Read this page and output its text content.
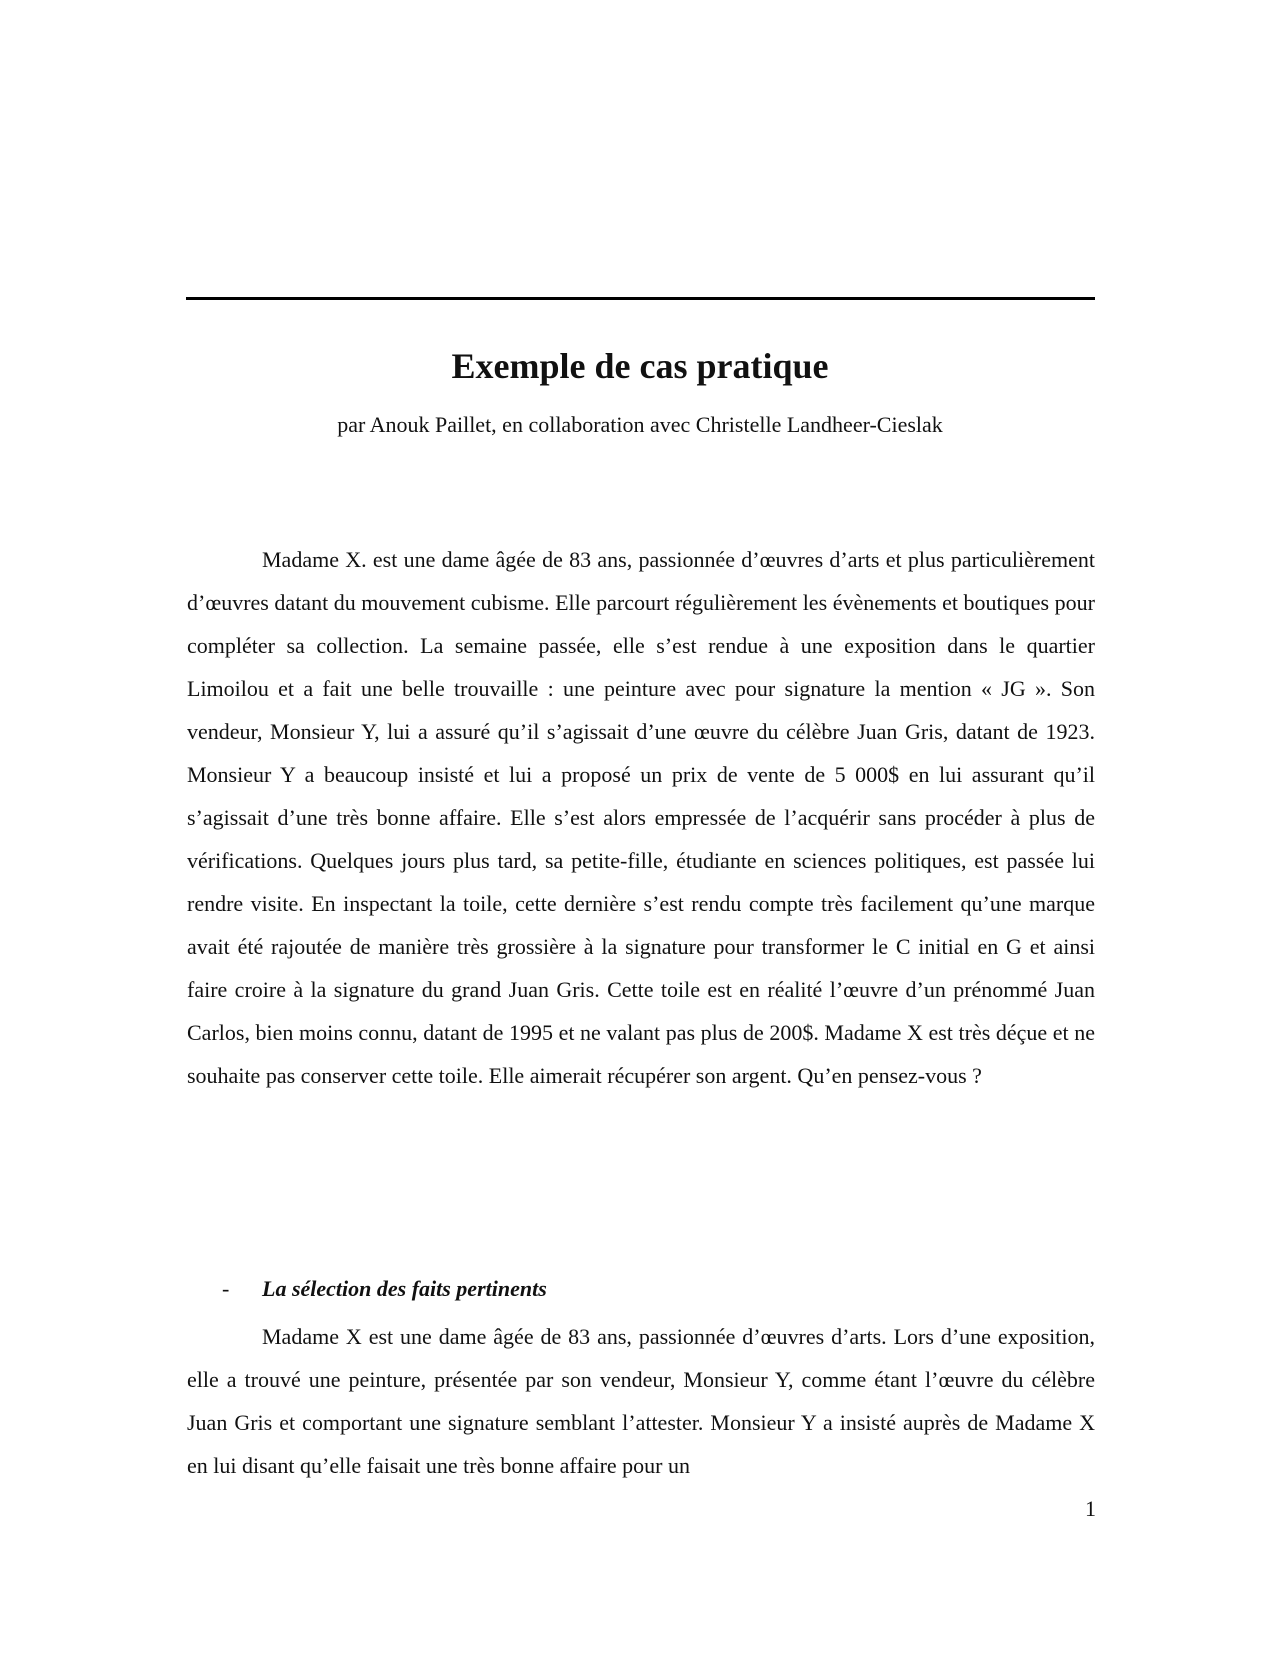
Exemple de cas pratique
par Anouk Paillet, en collaboration avec Christelle Landheer-Cieslak

Madame X. est une dame âgée de 83 ans, passionnée d’œuvres d’arts et plus particulièrement d’œuvres datant du mouvement cubisme. Elle parcourt régulièrement les évènements et boutiques pour compléter sa collection. La semaine passée, elle s’est rendue à une exposition dans le quartier Limoilou et a fait une belle trouvaille : une peinture avec pour signature la mention « JG ». Son vendeur, Monsieur Y, lui a assuré qu’il s’agissait d’une œuvre du célèbre Juan Gris, datant de 1923. Monsieur Y a beaucoup insisté et lui a proposé un prix de vente de 5 000$ en lui assurant qu’il s’agissait d’une très bonne affaire. Elle s’est alors empressée de l’acquérir sans procéder à plus de vérifications. Quelques jours plus tard, sa petite-fille, étudiante en sciences politiques, est passée lui rendre visite. En inspectant la toile, cette dernière s’est rendu compte très facilement qu’une marque avait été rajoutée de manière très grossière à la signature pour transformer le C initial en G et ainsi faire croire à la signature du grand Juan Gris. Cette toile est en réalité l’œuvre d’un prénommé Juan Carlos, bien moins connu, datant de 1995 et ne valant pas plus de 200$. Madame X est très déçue et ne souhaite pas conserver cette toile. Elle aimerait récupérer son argent. Qu’en pensez-vous ?

-	La sélection des faits pertinents

Madame X est une dame âgée de 83 ans, passionnée d’œuvres d’arts. Lors d’une exposition, elle a trouvé une peinture, présentée par son vendeur, Monsieur Y, comme étant l’œuvre du célèbre Juan Gris et comportant une signature semblant l’attester. Monsieur Y a insisté auprès de Madame X en lui disant qu’elle faisait une très bonne affaire pour un

1
